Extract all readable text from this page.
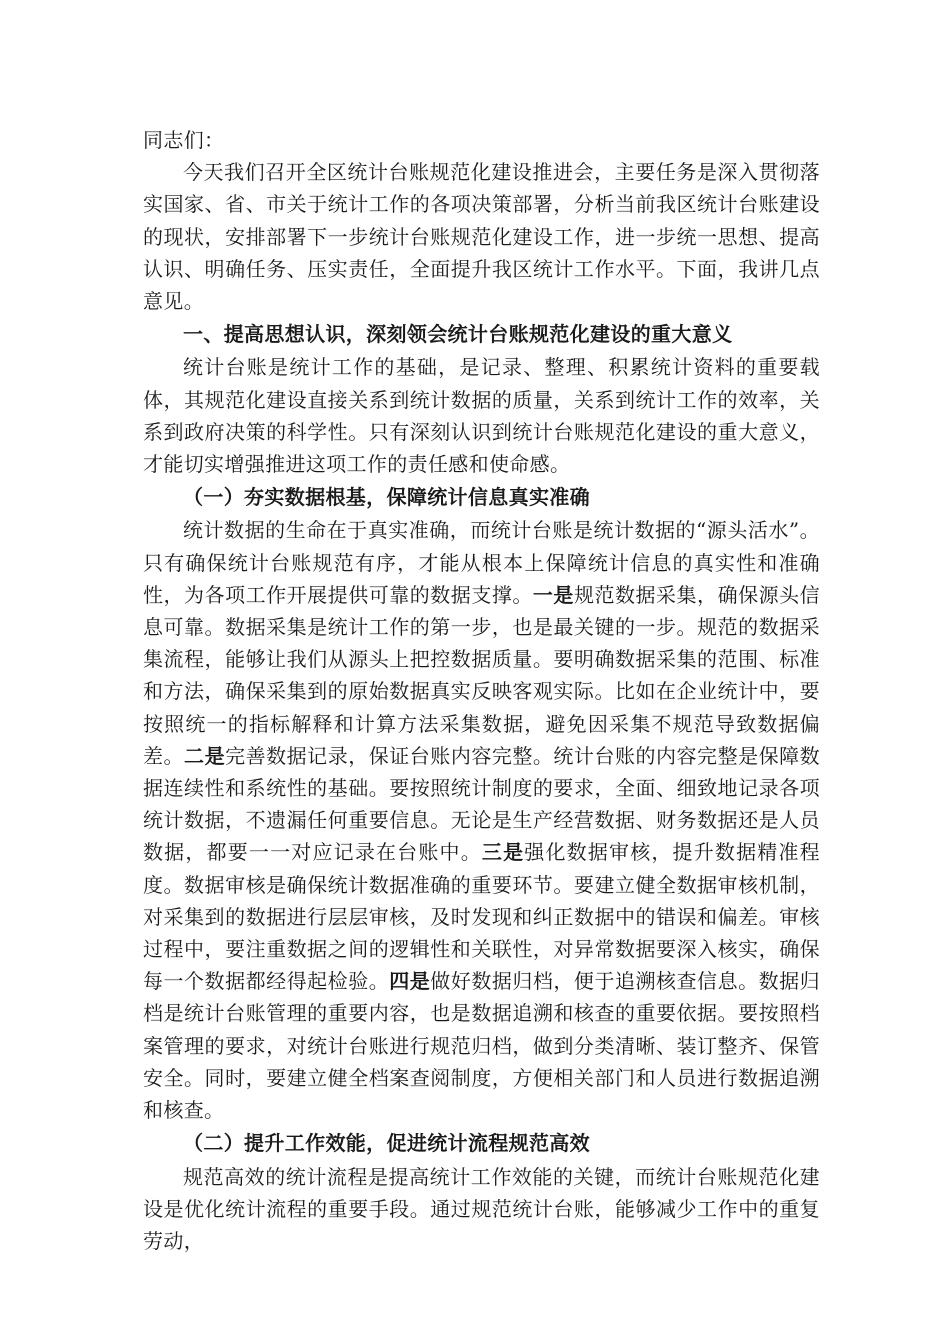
同志们：

今天我们召开全区统计台账规范化建设推进会，主要任务是深入贯彻落实国家、省、市关于统计工作的各项决策部署，分析当前我区统计台账建设的现状，安排部署下一步统计台账规范化建设工作，进一步统一思想、提高认识、明确任务、压实责任，全面提升我区统计工作水平。下面，我讲几点意见。

一、提高思想认识，深刻领会统计台账规范化建设的重大意义

统计台账是统计工作的基础，是记录、整理、积累统计资料的重要载体，其规范化建设直接关系到统计数据的质量，关系到统计工作的效率，关系到政府决策的科学性。只有深刻认识到统计台账规范化建设的重大意义，才能切实增强推进这项工作的责任感和使命感。

（一）夯实数据根基，保障统计信息真实准确

统计数据的生命在于真实准确，而统计台账是统计数据的“源头活水”。只有确保统计台账规范有序，才能从根本上保障统计信息的真实性和准确性，为各项工作开展提供可靠的数据支撑。一是规范数据采集，确保源头信息可靠。数据采集是统计工作的第一步，也是最关键的一步。规范的数据采集流程，能够让我们从源头上把控数据质量。要明确数据采集的范围、标准和方法，确保采集到的原始数据真实反映客观实际。比如在企业统计中，要按照统一的指标解释和计算方法采集数据，避免因采集不规范导致数据偏差。二是完善数据记录，保证台账内容完整。统计台账的内容完整是保障数据连续性和系统性的基础。要按照统计制度的要求，全面、细致地记录各项统计数据，不遗漏任何重要信息。无论是生产经营数据、财务数据还是人员数据，都要一一对应记录在台账中。三是强化数据审核，提升数据精准程度。数据审核是确保统计数据准确的重要环节。要建立健全数据审核机制，对采集到的数据进行层层审核，及时发现和纠正数据中的错误和偏差。审核过程中，要注重数据之间的逻辑性和关联性，对异常数据要深入核实，确保每一个数据都经得起检验。四是做好数据归档，便于追溯核查信息。数据归档是统计台账管理的重要内容，也是数据追溯和核查的重要依据。要按照档案管理的要求，对统计台账进行规范归档，做到分类清晰、装订整齐、保管安全。同时，要建立健全档案查阅制度，方便相关部门和人员进行数据追溯和核查。

（二）提升工作效能，促进统计流程规范高效

规范高效的统计流程是提高统计工作效能的关键，而统计台账规范化建设是优化统计流程的重要手段。通过规范统计台账，能够减少工作中的重复劳动，
